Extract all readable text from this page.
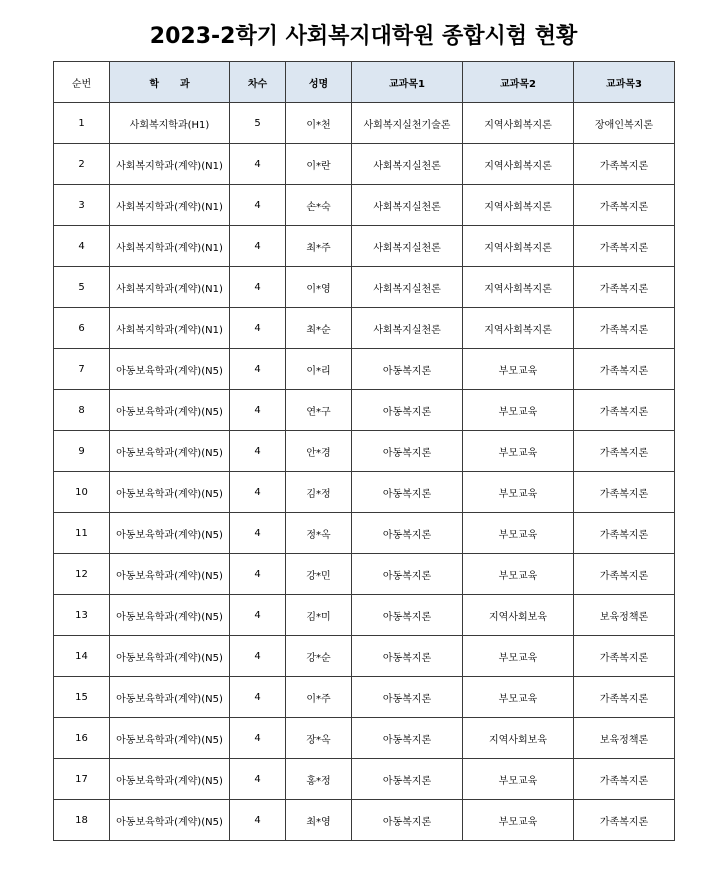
2023-2학기 사회복지대학원 종합시험 현황
순번	학      과	차수	성명	교과목1	교과목2	교과목3
1	사회복지학과(H1)	5	이*천	사회복지실천기술론	지역사회복지론	장애인복지론
2	사회복지학과(계약)(N1)	4	이*란	사회복지실천론	지역사회복지론	가족복지론
3	사회복지학과(계약)(N1)	4	손*숙	사회복지실천론	지역사회복지론	가족복지론
4	사회복지학과(계약)(N1)	4	최*주	사회복지실천론	지역사회복지론	가족복지론
5	사회복지학과(계약)(N1)	4	이*영	사회복지실천론	지역사회복지론	가족복지론
6	사회복지학과(계약)(N1)	4	최*순	사회복지실천론	지역사회복지론	가족복지론
7	아동보육학과(계약)(N5)	4	이*리	아동복지론	부모교육	가족복지론
8	아동보육학과(계약)(N5)	4	연*구	아동복지론	부모교육	가족복지론
9	아동보육학과(계약)(N5)	4	안*경	아동복지론	부모교육	가족복지론
10	아동보육학과(계약)(N5)	4	김*정	아동복지론	부모교육	가족복지론
11	아동보육학과(계약)(N5)	4	정*옥	아동복지론	부모교육	가족복지론
12	아동보육학과(계약)(N5)	4	강*민	아동복지론	부모교육	가족복지론
13	아동보육학과(계약)(N5)	4	김*미	아동복지론	지역사회보육	보육정책론
14	아동보육학과(계약)(N5)	4	강*순	아동복지론	부모교육	가족복지론
15	아동보육학과(계약)(N5)	4	이*주	아동복지론	부모교육	가족복지론
16	아동보육학과(계약)(N5)	4	장*옥	아동복지론	지역사회보육	보육정책론
17	아동보육학과(계약)(N5)	4	홍*정	아동복지론	부모교육	가족복지론
18	아동보육학과(계약)(N5)	4	최*영	아동복지론	부모교육	가족복지론
